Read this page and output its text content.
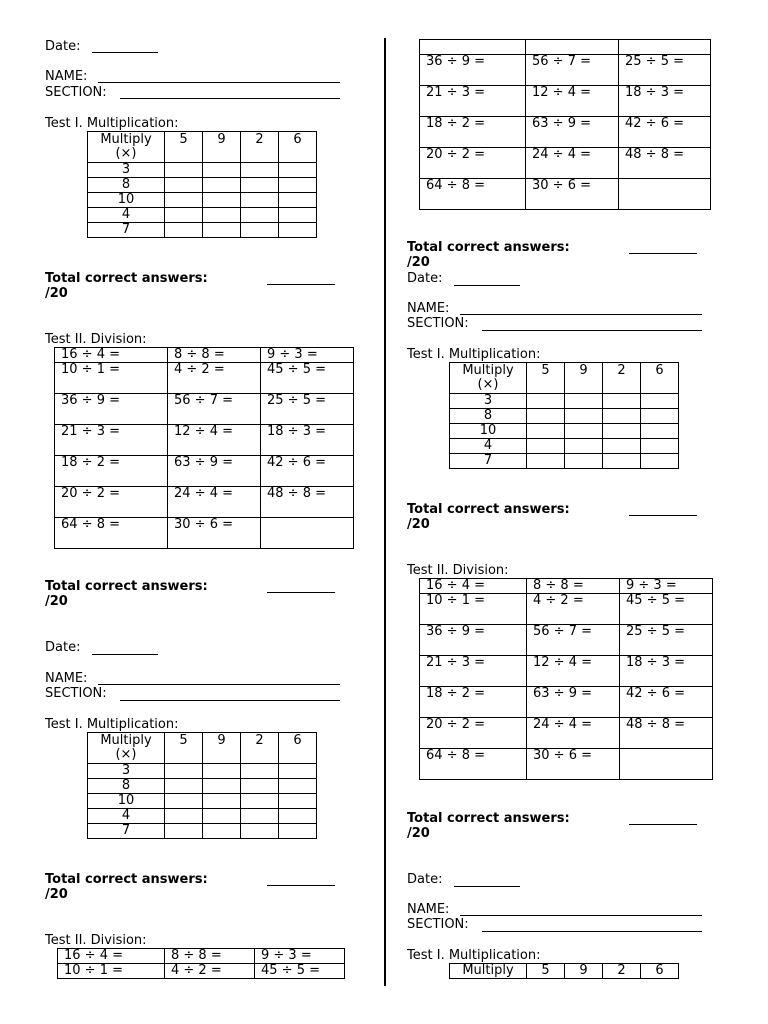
Date:
NAME:
SECTION:
Test I. Multiplication:
Multiply
(×)	5	9	2	6
3				
8				
10				
4				
7				
Total correct answers:
/20
Test II. Division:
16 ÷ 4 =	8 ÷ 8 =	9 ÷ 3 =
10 ÷ 1 =	4 ÷ 2 =	45 ÷ 5 =
36 ÷ 9 =	56 ÷ 7 =	25 ÷ 5 =
21 ÷ 3 =	12 ÷ 4 =	18 ÷ 3 =
18 ÷ 2 =	63 ÷ 9 =	42 ÷ 6 =
20 ÷ 2 =	24 ÷ 4 =	48 ÷ 8 =
64 ÷ 8 =	30 ÷ 6 =	
Total correct answers:
/20
Date:
NAME:
SECTION:
Test I. Multiplication:
Multiply
(×)	5	9	2	6
3				
8				
10				
4				
7				
Total correct answers:
/20
Test II. Division:
16 ÷ 4 =	8 ÷ 8 =	9 ÷ 3 =
10 ÷ 1 =	4 ÷ 2 =	45 ÷ 5 =

36 ÷ 9 =	56 ÷ 7 =	25 ÷ 5 =
21 ÷ 3 =	12 ÷ 4 =	18 ÷ 3 =
18 ÷ 2 =	63 ÷ 9 =	42 ÷ 6 =
20 ÷ 2 =	24 ÷ 4 =	48 ÷ 8 =
64 ÷ 8 =	30 ÷ 6 =	
Total correct answers:
/20
Date:
NAME:
SECTION:
Test I. Multiplication:
Multiply
(×)	5	9	2	6
3				
8				
10				
4				
7				
Total correct answers:
/20
Test II. Division:
16 ÷ 4 =	8 ÷ 8 =	9 ÷ 3 =
10 ÷ 1 =	4 ÷ 2 =	45 ÷ 5 =
36 ÷ 9 =	56 ÷ 7 =	25 ÷ 5 =
21 ÷ 3 =	12 ÷ 4 =	18 ÷ 3 =
18 ÷ 2 =	63 ÷ 9 =	42 ÷ 6 =
20 ÷ 2 =	24 ÷ 4 =	48 ÷ 8 =
64 ÷ 8 =	30 ÷ 6 =	
Total correct answers:
/20
Date:
NAME:
SECTION:
Test I. Multiplication:
Multiply	5	9	2	6
